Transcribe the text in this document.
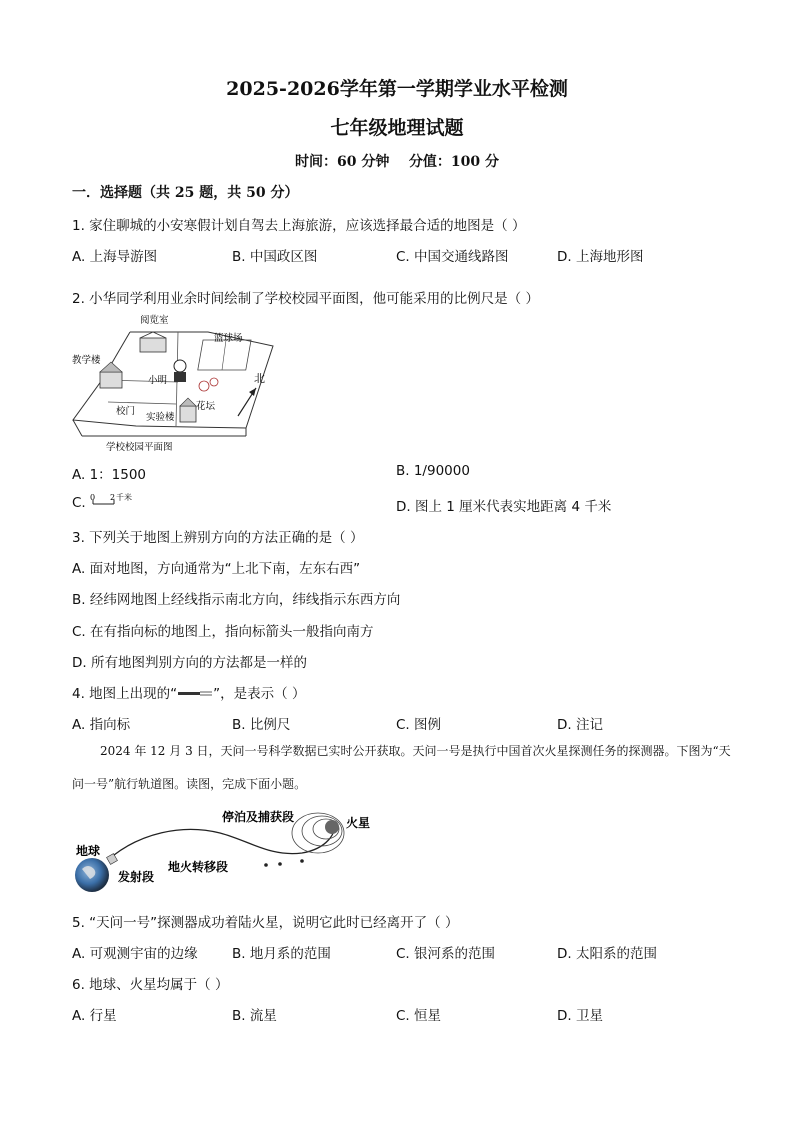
2025-2026学年第一学期学业水平检测
七年级地理试题
时间：60 分钟    分值：100 分
一．选择题（共 25 题，共 50 分）
1. 家住聊城的小安寒假计划自驾去上海旅游，应该选择最合适的地图是（ ）
A. 上海导游图	B. 中国政区图	C. 中国交通线路图	D. 上海地形图
2. 小华同学利用业余时间绘制了学校校园平面图，他可能采用的比例尺是（ ）
阅览室
篮球场
教学楼
小明
花坛
校门
实验楼
北
学校校园平面图
A. 1：1500	B. 1/90000
C. 0 2 千米
D. 图上 1 厘米代表实地距离 4 千米
3. 下列关于地图上辨别方向的方法正确的是（ ）
A. 面对地图，方向通常为“上北下南，左东右西”
B. 经纬网地图上经线指示南北方向，纬线指示东西方向
C. 在有指向标的地图上，指向标箭头一般指向南方
D. 所有地图判别方向的方法都是一样的
4. 地图上出现的“	”，是表示（ ）
A. 指向标	B. 比例尺	C. 图例	D. 注记
2024 年 12 月 3 日，天问一号科学数据已实时公开获取。天问一号是执行中国首次火星探测任务的探测器。下图为“天问一号”航行轨道图。读图，完成下面小题。
停泊及捕获段	火星
地球
发射段
地火转移段
5. “天问一号”探测器成功着陆火星，说明它此时已经离开了（ ）
A. 可观测宇宙的边缘	B. 地月系的范围	C. 银河系的范围	D. 太阳系的范围
6. 地球、火星均属于（ ）
A. 行星	B. 流星	C. 恒星	D. 卫星
